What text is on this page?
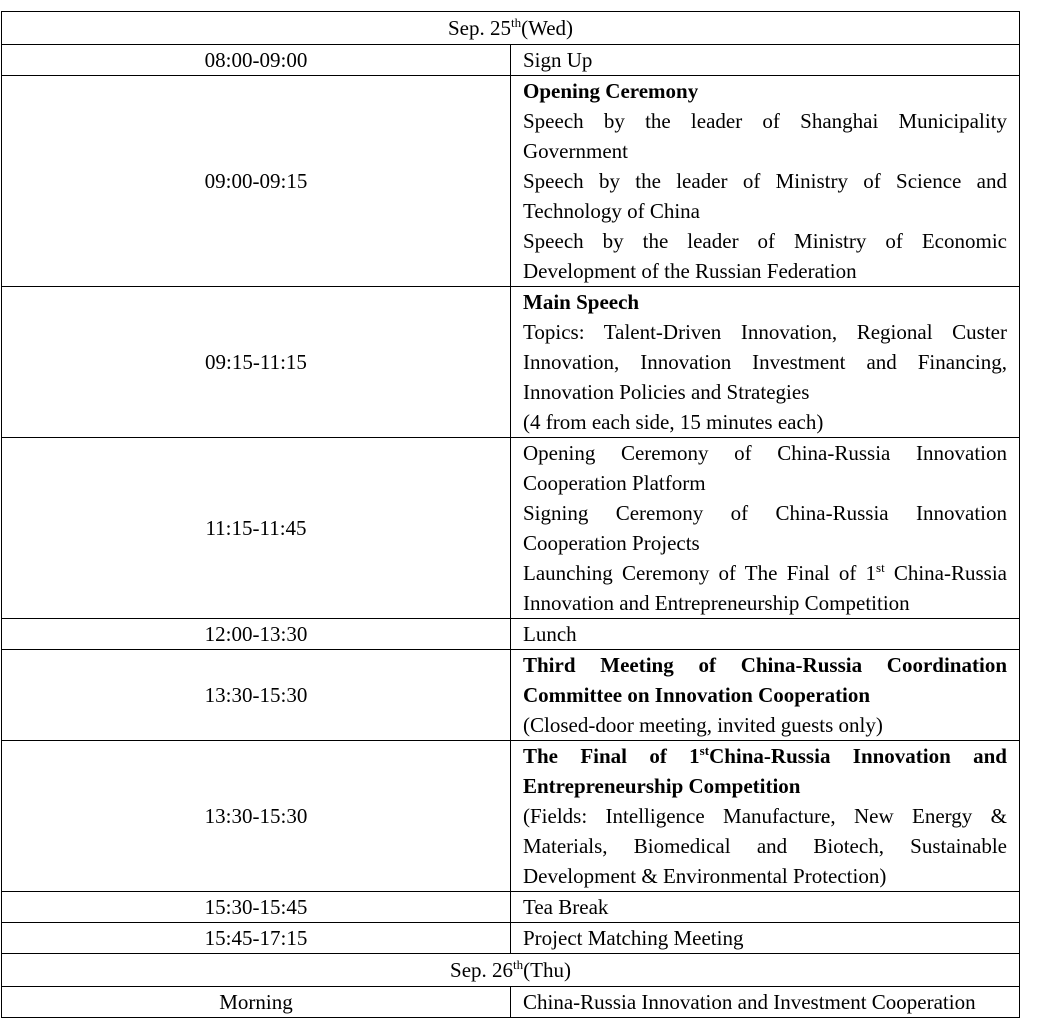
Sep. 25th(Wed)	
08:00-09:00	Sign Up
09:00-09:15	Opening Ceremony
Speech by the leader of Shanghai Municipality Government
Speech by the leader of Ministry of Science and Technology of China
Speech by the leader of Ministry of Economic Development of the Russian Federation

09:15-11:15	Main Speech
Topics: Talent-Driven Innovation, Regional Custer Innovation, Innovation Investment and Financing, Innovation Policies and Strategies
(4 from each side, 15 minutes each)

11:15-11:45	Opening Ceremony of China-Russia Innovation Cooperation Platform
Signing Ceremony of China-Russia Innovation Cooperation Projects
Launching Ceremony of The Final of 1st China-Russia Innovation and Entrepreneurship Competition

12:00-13:30	Lunch
13:30-15:30	Third Meeting of China-Russia Coordination Committee on Innovation Cooperation
(Closed-door meeting, invited guests only)

13:30-15:30	The Final of 1stChina-Russia Innovation and Entrepreneurship Competition
(Fields: Intelligence Manufacture, New Energy & Materials, Biomedical and Biotech, Sustainable Development & Environmental Protection)

15:30-15:45	Tea Break
15:45-17:15	Project Matching Meeting
Sep. 26th(Thu)	
Morning	China-Russia Innovation and Investment Cooperation
